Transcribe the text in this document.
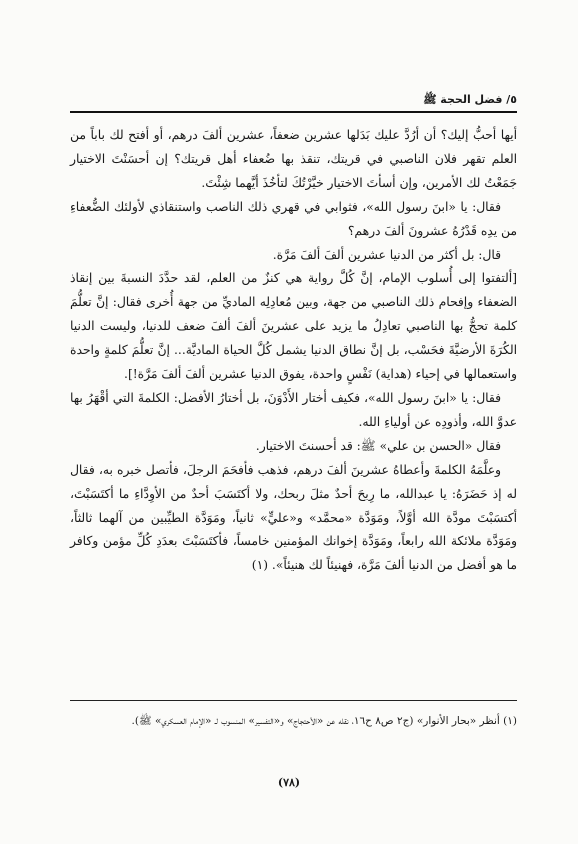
٥/ فضل الحجة ﷺ

أيها أحبُّ إليك؟ أن أرُدَّ عليك بَدَلها عشرين ضعفاً، عشرين ألفَ درهم، أو أفتح لك باباً من العلم تقهر فلان الناصبي في قريتك، تنقذ بها ضُعفاء أهل قريتك؟ إن أحسَنْتَ الاختيار جَمَعْتُ لك الأمرين، وإن أسأتَ الاختيار خيَّرْتُكَ لتأخُذَ أيَّهما شِئْتَ.

فقال: يا «ابنَ رسول الله»، فثوابي في قهري ذلك الناصب واستنقاذي لأولئك الضُّعفاءِ من يدِه قَدْرُهُ عشرونَ ألفَ درهم؟

قال: بل أكثر من الدنيا عشرين ألفَ ألفَ مَرَّة.

[ألتفتوا إلى أُسلوب الإمام، إنَّ كُلَّ رواية هي كنزٌ من العلم، لقد حدَّدَ النسبةَ بين إنقاذ الضعفاء وإفحام ذلك الناصبي من جهة، وبين مُعادِلِه الماديِّ من جهة أُخرى فقال: إنَّ تعلُّمَ كلمة تحجُّ بها الناصبي تعادِلُ ما يزيد على عشرينَ ألفَ ألفَ ضعف للدنيا، وليست الدنيا الكُرَةَ الأرضيَّةَ فحَسْب، بل إنَّ نطاق الدنيا يشمل كُلَّ الحياة الماديَّة... إنَّ تعلُّمَ كلمةٍ واحدة واستعمالها في إحياء (هداية) نَفْسٍ واحدة، يفوق الدنيا عشرين ألفَ ألفَ مَرَّة!].

فقال: يا «ابنَ رسول الله»، فكيف أختار الأَدْوَنَ، بل أختارُ الأفضل: الكلمةَ التي أقْهَرُ بها عدوَّ الله، وأذودِه عن أولياءِ الله.

فقال «الحسن بن علي» ﷺ: قد أحسنتَ الاختيار.

وعلَّمَهُ الكلمةَ وأعطاهُ عشرينَ ألفَ درهم، فذهب فأفحَمَ الرجلَ، فأتصل خبره به، فقال له إذ حَضَرَهُ: يا عبدالله، ما رِبحَ أحدٌ مثلَ ربحك، ولا أكتَسَبَ أحدٌ من الأوِدَّاءِ ما أكتَسَبْتَ، أكتسَبْتَ مودَّة الله أوَّلاً، ومَوَدَّة «محمَّد» و«عليٍّ» ثانياً، ومَوَدَّة الطيِّبين من آلهما ثالثاً، ومَوَدَّة ملائكة الله رابعاً، ومَوَدَّة إخوانك المؤمنين خامساً، فأكتَسَبْتَ بعدَدِ كُلِّ مؤمن وكافر ما هو أفضل من الدنيا ألفَ مَرَّة، فهنيئاً لك هنيئاً». (١)

(١) أنظر «بحار الأنوار» (ج٢ ص٨ ح١٦، نقله عن «الأحتجاج» و«التفسير» المنسوب لـ «الإمام العسكري» ﷺ).
(٧٨)
